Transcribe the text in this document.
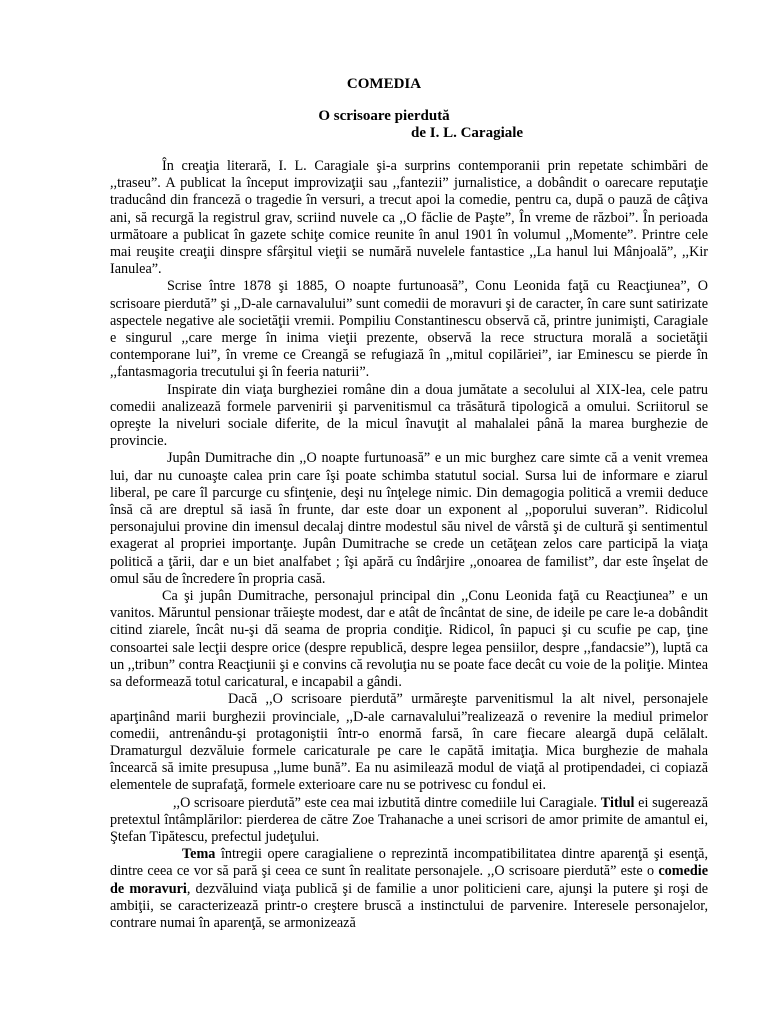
COMEDIA
O scrisoare pierdută
de I. L. Caragiale

În creaţia literară, I. L. Caragiale şi-a surprins contemporanii prin repetate schimbări de ,,traseu”. A publicat la început improvizaţii sau ,,fantezii” jurnalistice, a dobândit o oarecare reputaţie traducând din franceză o tragedie în versuri, a trecut apoi la comedie, pentru ca, după o pauză de câţiva ani, să recurgă la registrul grav, scriind nuvele ca ,,O făclie de Paşte”, În vreme de război”. În perioada următoare a publicat în gazete schiţe comice reunite în anul 1901 în volumul ,,Momente”. Printre cele mai reuşite creaţii dinspre sfârşitul vieţii se numără nuvelele fantastice ,,La hanul lui Mânjoală”, ,,Kir Ianulea”.

Scrise între 1878 şi 1885, O noapte furtunoasă”, Conu Leonida faţă cu Reacţiunea”, O scrisoare pierdută” şi ,,D-ale carnavalului” sunt comedii de moravuri şi de caracter, în care sunt satirizate aspectele negative ale societăţii vremii. Pompiliu Constantinescu observă că, printre junimişti, Caragiale e singurul ,,care merge în inima vieţii prezente, observă la rece structura morală a societăţii contemporane lui”, în vreme ce Creangă se refugiază în ,,mitul copilăriei”, iar Eminescu se pierde în ,,fantasmagoria trecutului şi în feeria naturii”.

Inspirate din viaţa burgheziei române din a doua jumătate a secolului al XIX-lea, cele patru comedii analizează formele parvenirii şi parvenitismul ca trăsătură tipologică a omului. Scriitorul se opreşte la niveluri sociale diferite, de la micul înavuţit al mahalalei până la marea burghezie de provincie.

Jupân Dumitrache din ,,O noapte furtunoasă” e un mic burghez care simte că a venit vremea lui, dar nu cunoaşte calea prin care îşi poate schimba statutul social. Sursa lui de informare e ziarul liberal, pe care îl parcurge cu sfinţenie, deşi nu înţelege nimic. Din demagogia politică a vremii deduce însă că are dreptul să iasă în frunte, dar este doar un exponent al ,,poporului suveran”. Ridicolul personajului provine din imensul decalaj dintre modestul său nivel de vârstă şi de cultură şi sentimentul exagerat al propriei importanţe. Jupân Dumitrache se crede un cetăţean zelos care participă la viaţa politică a ţării, dar e un biet analfabet ; îşi apără cu îndârjire ,,onoarea de familist”, dar este înşelat de omul său de încredere în propria casă.

Ca şi jupân Dumitrache, personajul principal din ,,Conu Leonida faţă cu Reacţiunea” e un vanitos. Măruntul pensionar trăieşte modest, dar e atât de încântat de sine, de ideile pe care le-a dobândit citind ziarele, încât nu-şi dă seama de propria condiţie. Ridicol, în papuci şi cu scufie pe cap, ţine consoartei sale lecţii despre orice (despre republică, despre legea pensiilor, despre ,,fandacsie”), luptă ca un ,,tribun” contra Reacţiunii şi e convins că revoluţia nu se poate face decât cu voie de la poliţie. Mintea sa deformează totul caricatural, e incapabil a gândi.

Dacă ,,O scrisoare pierdută” urmăreşte parvenitismul la alt nivel, personajele aparţinând marii burghezii provinciale, ,,D-ale carnavalului”realizează o revenire la mediul primelor comedii, antrenându-şi protagoniştii într-o enormă farsă, în care fiecare aleargă după celălalt. Dramaturgul dezvăluie formele caricaturale pe care le capătă imitaţia. Mica burghezie de mahala încearcă să imite presupusa ,,lume bună”. Ea nu asimilează modul de viaţă al protipendadei, ci copiază elementele de suprafaţă, formele exterioare care nu se potrivesc cu fondul ei.

,,O scrisoare pierdută” este cea mai izbutită dintre comediile lui Caragiale. Titlul ei sugerează pretextul întâmplărilor: pierderea de către Zoe Trahanache a unei scrisori de amor primite de amantul ei, Ştefan Tipătescu, prefectul judeţului.

Tema întregii opere caragialiene o reprezintă incompatibilitatea dintre aparenţă şi esenţă, dintre ceea ce vor să pară şi ceea ce sunt în realitate personajele. ,,O scrisoare pierdută” este o comedie de moravuri, dezvăluind viaţa publică şi de familie a unor politicieni care, ajunşi la putere şi roşi de ambiţii, se caracterizează printr-o creştere bruscă a instinctului de parvenire. Interesele personajelor, contrare numai în aparenţă, se armonizează
